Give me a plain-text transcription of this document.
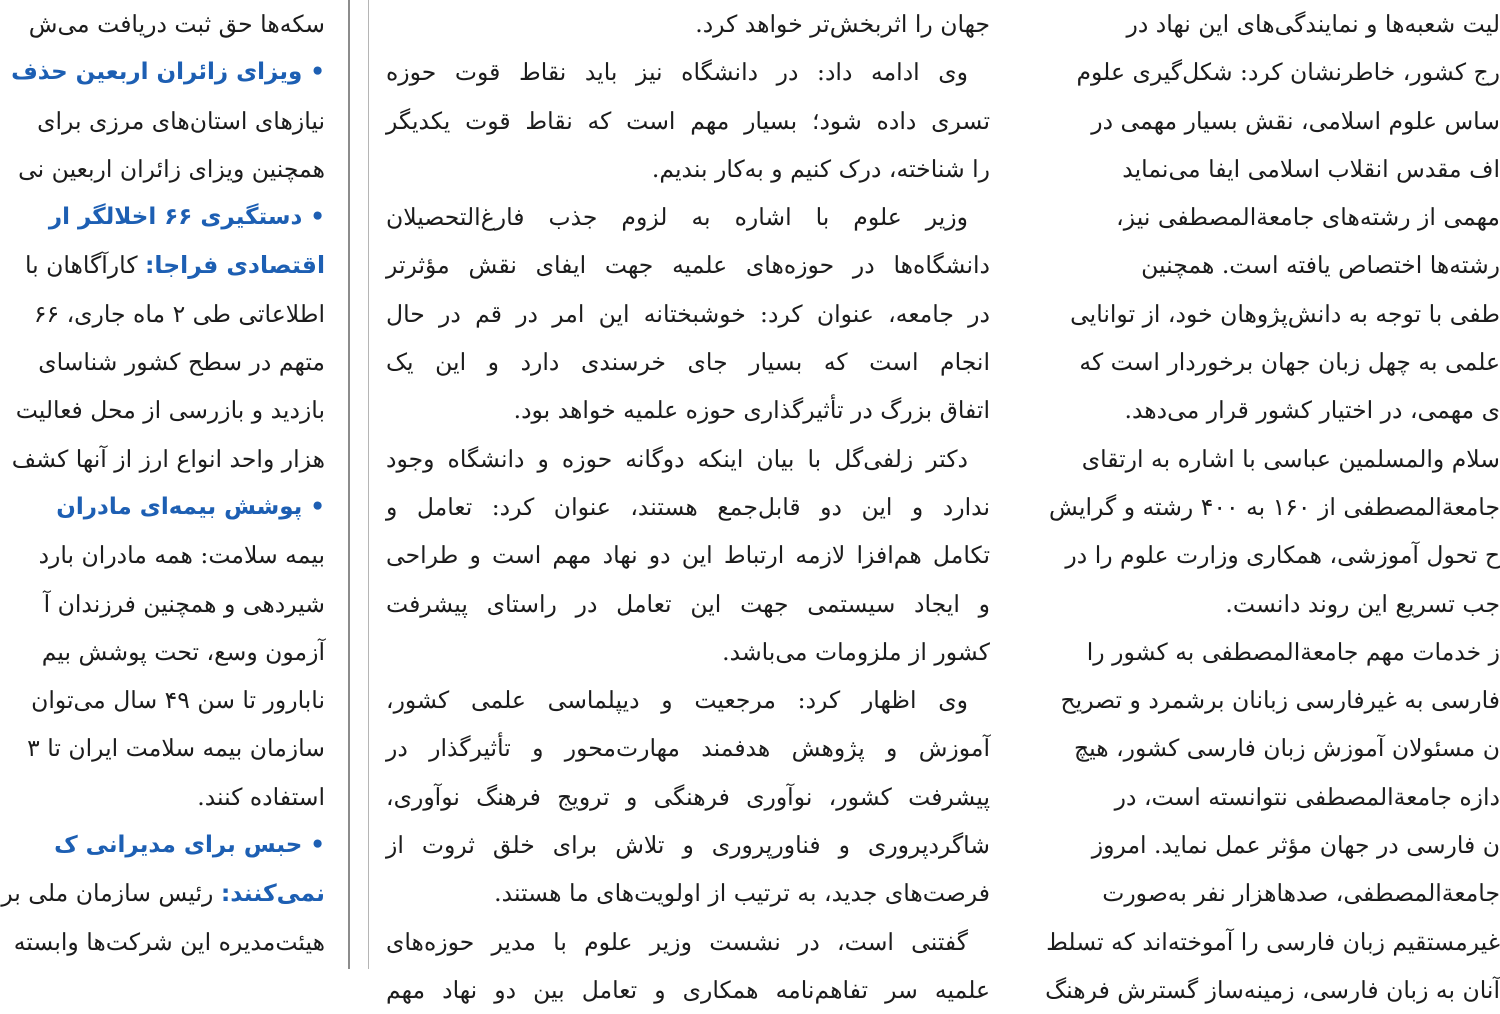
سکه‌ها حق ثبت دریافت می‌ش
•ویزای زائران اربعین حذف
نیازهای استان‌های مرزی برای
همچنین ویزای زائران اربعین نی
•دستگیری ۶۶ اخلالگر ار
اقتصادی فراجا: کارآگاهان با
اطلاعاتی طی ۲ ماه جاری، ۶۶
متهم در سطح کشور شناسای
بازدید و بازرسی از محل فعالیت
هزار واحد انواع ارز از آنها کشف
•پوشش بیمه‌ای مادران
بیمه سلامت: همه مادران بارد
شیردهی و همچنین فرزندان آ
آزمون وسع، تحت پوشش بیم
نابارور تا سن ۴۹ سال می‌توان
سازمان بیمه سلامت ایران تا ۳
استفاده کنند.
•حبس برای مدیرانی ک
نمی‌کنند: رئیس سازمان ملی بر
هیئت‌مدیره این شرکت‌ها وابسته
جهان را اثربخش‌تر خواهد کرد.
وی ادامه داد: در دانشگاه نیز باید نقاط قوت حوزه
تسری داده شود؛ بسیار مهم است که نقاط قوت یکدیگر
را شناخته، درک کنیم و به‌کار بندیم.
وزیر علوم با اشاره به لزوم جذب فارغ‌التحصیلان
دانشگاه‌ها در حوزه‌های علمیه جهت ایفای نقش مؤثرتر
در جامعه، عنوان کرد: خوشبختانه این امر در قم در حال
انجام است که بسیار جای خرسندی دارد و این یک
اتفاق بزرگ در تأثیرگذاری حوزه علمیه خواهد بود.
دکتر زلفی‌گل با بیان اینکه دوگانه حوزه و دانشگاه وجود
ندارد و این دو قابل‌جمع هستند، عنوان کرد: تعامل و
تکامل هم‌افزا لازمه ارتباط این دو نهاد مهم است و طراحی
و ایجاد سیستمی جهت این تعامل در راستای پیشرفت
کشور از ملزومات می‌باشد.
وی اظهار کرد: مرجعیت و دیپلماسی علمی کشور،
آموزش و پژوهش هدفمند مهارت‌محور و تأثیرگذار در
پیشرفت کشور، نوآوری فرهنگی و ترویج فرهنگ نوآوری،
شاگردپروری و فناورپروری و تلاش برای خلق ثروت از
فرصت‌های جدید، به ترتیب از اولویت‌های ما هستند.
گفتنی است، در نشست وزیر علوم با مدیر حوزه‌های
علمیه سر تفاهم‌نامه همکاری و تعامل بین دو نهاد مهم
لیت شعبه‌ها و نمایندگی‌های این نهاد در
رج کشور، خاطرنشان کرد: شکل‌گیری علوم
ساس علوم اسلامی، نقش بسیار مهمی در
اف مقدس انقلاب اسلامی ایفا می‌نماید
مهمی از رشته‌های جامعةالمصطفی نیز،
رشته‌ها اختصاص یافته است. همچنین
طفی با توجه به دانش‌پژوهان خود، از توانایی
علمی به چهل زبان جهان برخوردار است که
ی مهمی، در اختیار کشور قرار می‌دهد.
سلام والمسلمین عباسی با اشاره به ارتقای
جامعةالمصطفی از ۱۶۰ به ۴۰۰ رشته و گرایش
ح تحول آموزشی، همکاری وزارت علوم را در
جب تسریع این روند دانست.
ز خدمات مهم جامعةالمصطفی به کشور را
فارسی به غیرفارسی زبانان برشمرد و تصریح
ن مسئولان آموزش زبان فارسی کشور، هیچ
دازه جامعةالمصطفی نتوانسته است، در
ن فارسی در جهان مؤثر عمل نماید. امروز
جامعةالمصطفی، صدهاهزار نفر به‌صورت
غیرمستقیم زبان فارسی را آموخته‌اند که تسلط
آنان به زبان فارسی، زمینه‌ساز گسترش فرهنگ
